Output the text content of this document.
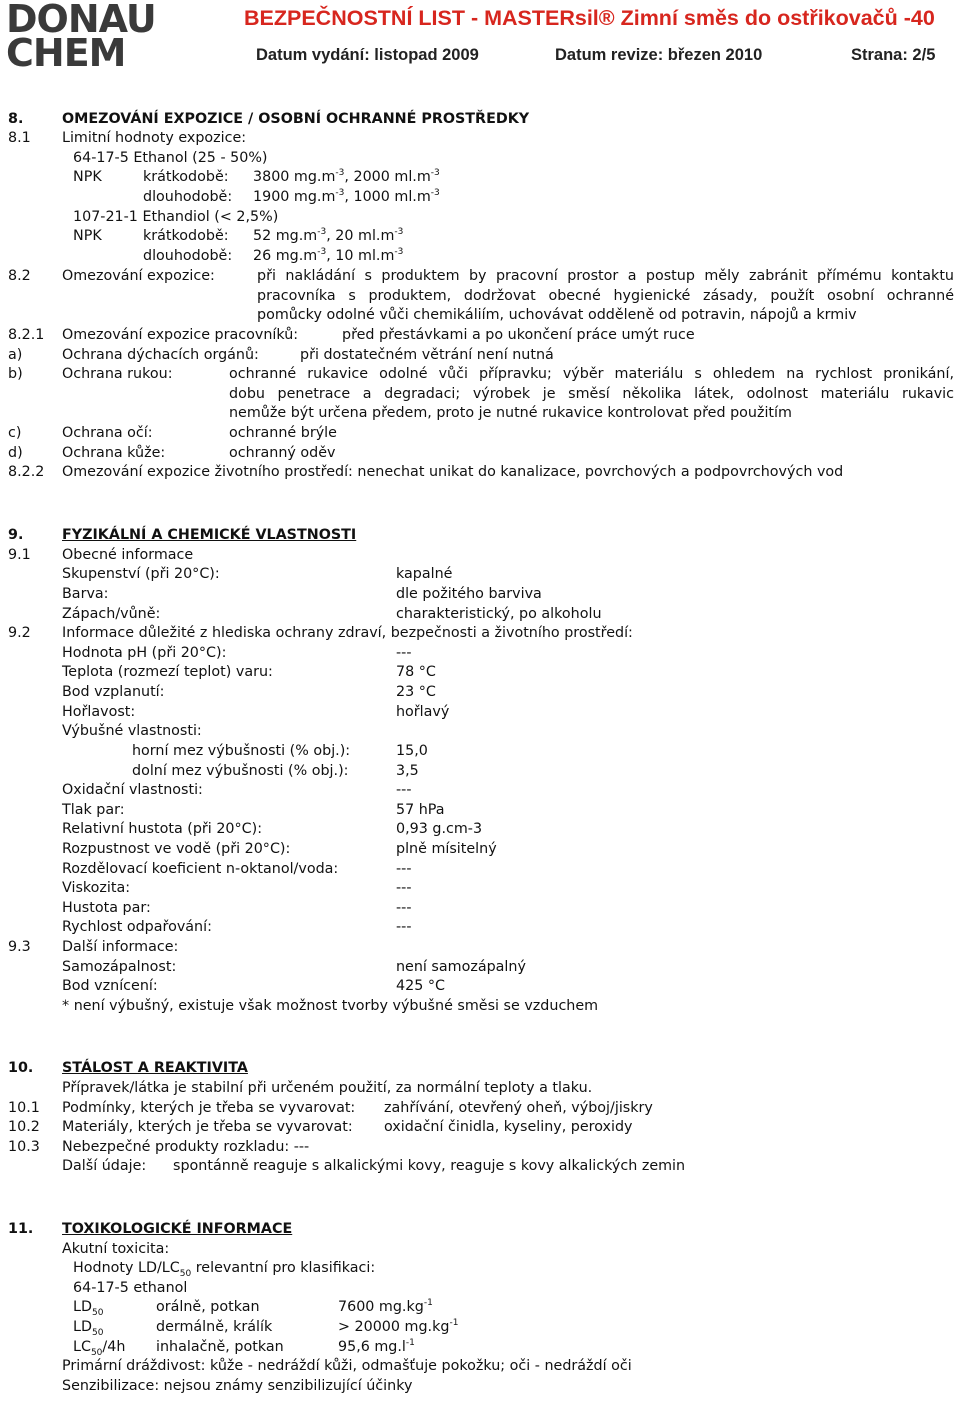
DONAU
CHEM
BEZPEČNOSTNÍ LIST - MASTERsil® Zimní směs do ostřikovačů -40
Datum vydání: listopad 2009	Datum revize: březen 2010	Strana: 2/5
8.	OMEZOVÁNÍ EXPOZICE / OSOBNÍ OCHRANNÉ PROSTŘEDKY
8.1 Limitní hodnoty expozice:
64-17-5 Ethanol (25 - 50%)
NPK	krátkodobě: 3800 $mg.m^{-3}$, 2000 $ml.m^{-3}$
dlouhodobě: 1900 $mg.m^{-3}$, 1000 $ml.m^{-3}$
107-21-1 Ethandiol (< 2,5%)
NPK	krátkodobě: 52 $mg.m^{-3}$, 20 $ml.m^{-3}$
dlouhodobě: 26 $mg.m^{-3}$, 10 $ml.m^{-3}$
8.2 Omezování expozice:	při nakládání s produktem by pracovní prostor a postup měly zabránit přímému kontaktu
pracovníka s produktem, dodržovat obecné hygienické zásady, použít osobní ochranné
pomůcky odolné vůči chemikáliím, uchovávat odděleně od potravin, nápojů a krmiv
8.2.1 Omezování expozice pracovníků:	před přestávkami a po ukončení práce umýt ruce
a)	Ochrana dýchacích orgánů:	při dostatečném větrání není nutná
b)	Ochrana rukou:	ochranné rukavice odolné vůči přípravku; výběr materiálu s ohledem na rychlost pronikání,
dobu penetrace a degradaci; výrobek je směsí několika látek, odolnost materiálu rukavic
nemůže být určena předem, proto je nutné rukavice kontrolovat před použitím
c)	Ochrana očí:	ochranné brýle
d)	Ochrana kůže:	ochranný oděv
8.2.2 Omezování expozice životního prostředí: nenechat unikat do kanalizace, povrchových a podpovrchových vod
9.	FYZIKÁLNÍ A CHEMICKÉ VLASTNOSTI
9.1 Obecné informace
Skupenství (při 20°C):	kapalné
Barva:	dle požitého barviva
Zápach/vůně:	charakteristický, po alkoholu
9.2 Informace důležité z hlediska ochrany zdraví, bezpečnosti a životního prostředí:
Hodnota pH (při 20°C):	---
Teplota (rozmezí teplot) varu:	78 °C
Bod vzplanutí:	23 °C
Hořlavost:	hořlavý
Výbušné vlastnosti:
horní mez výbušnosti (% obj.):	15,0
dolní mez výbušnosti (% obj.):	3,5
Oxidační vlastnosti:	---
Tlak par:	57 hPa
Relativní hustota (při 20°C):	0,93 g.cm-3
Rozpustnost ve vodě (při 20°C):	plně mísitelný
Rozdělovací koeficient n-oktanol/voda:	---
Viskozita:	---
Hustota par:	---
Rychlost odpařování:	---
9.3 Další informace:
Samozápalnost:	není samozápalný
Bod vznícení:	425 °C
* není výbušný, existuje však možnost tvorby výbušné směsi se vzduchem
10. STÁLOST A REAKTIVITA
Přípravek/látka je stabilní při určeném použití, za normální teploty a tlaku.
10.1 Podmínky, kterých je třeba se vyvarovat: zahřívání, otevřený oheň, výboj/jiskry
10.2 Materiály, kterých je třeba se vyvarovat: oxidační činidla, kyseliny, peroxidy
10.3 Nebezpečné produkty rozkladu: ---
Další údaje: spontánně reaguje s alkalickými kovy, reaguje s kovy alkalických zemin
11. TOXIKOLOGICKÉ INFORMACE
Akutní toxicita:
Hodnoty $LD/LC_{50}$ relevantní pro klasifikaci:
64-17-5 ethanol
$LD_{50}$	orálně, potkan	7600 $mg.kg^{-1}$
$LD_{50}$	dermálně, králík	> 20000 $mg.kg^{-1}$
$LC_{50}/4h$ inhalačně, potkan	95,6 $mg.l^{-1}$
Primární dráždivost: kůže - nedráždí kůži, odmašťuje pokožku; oči - nedráždí oči
Senzibilizace: nejsou známy senzibilizující účinky
